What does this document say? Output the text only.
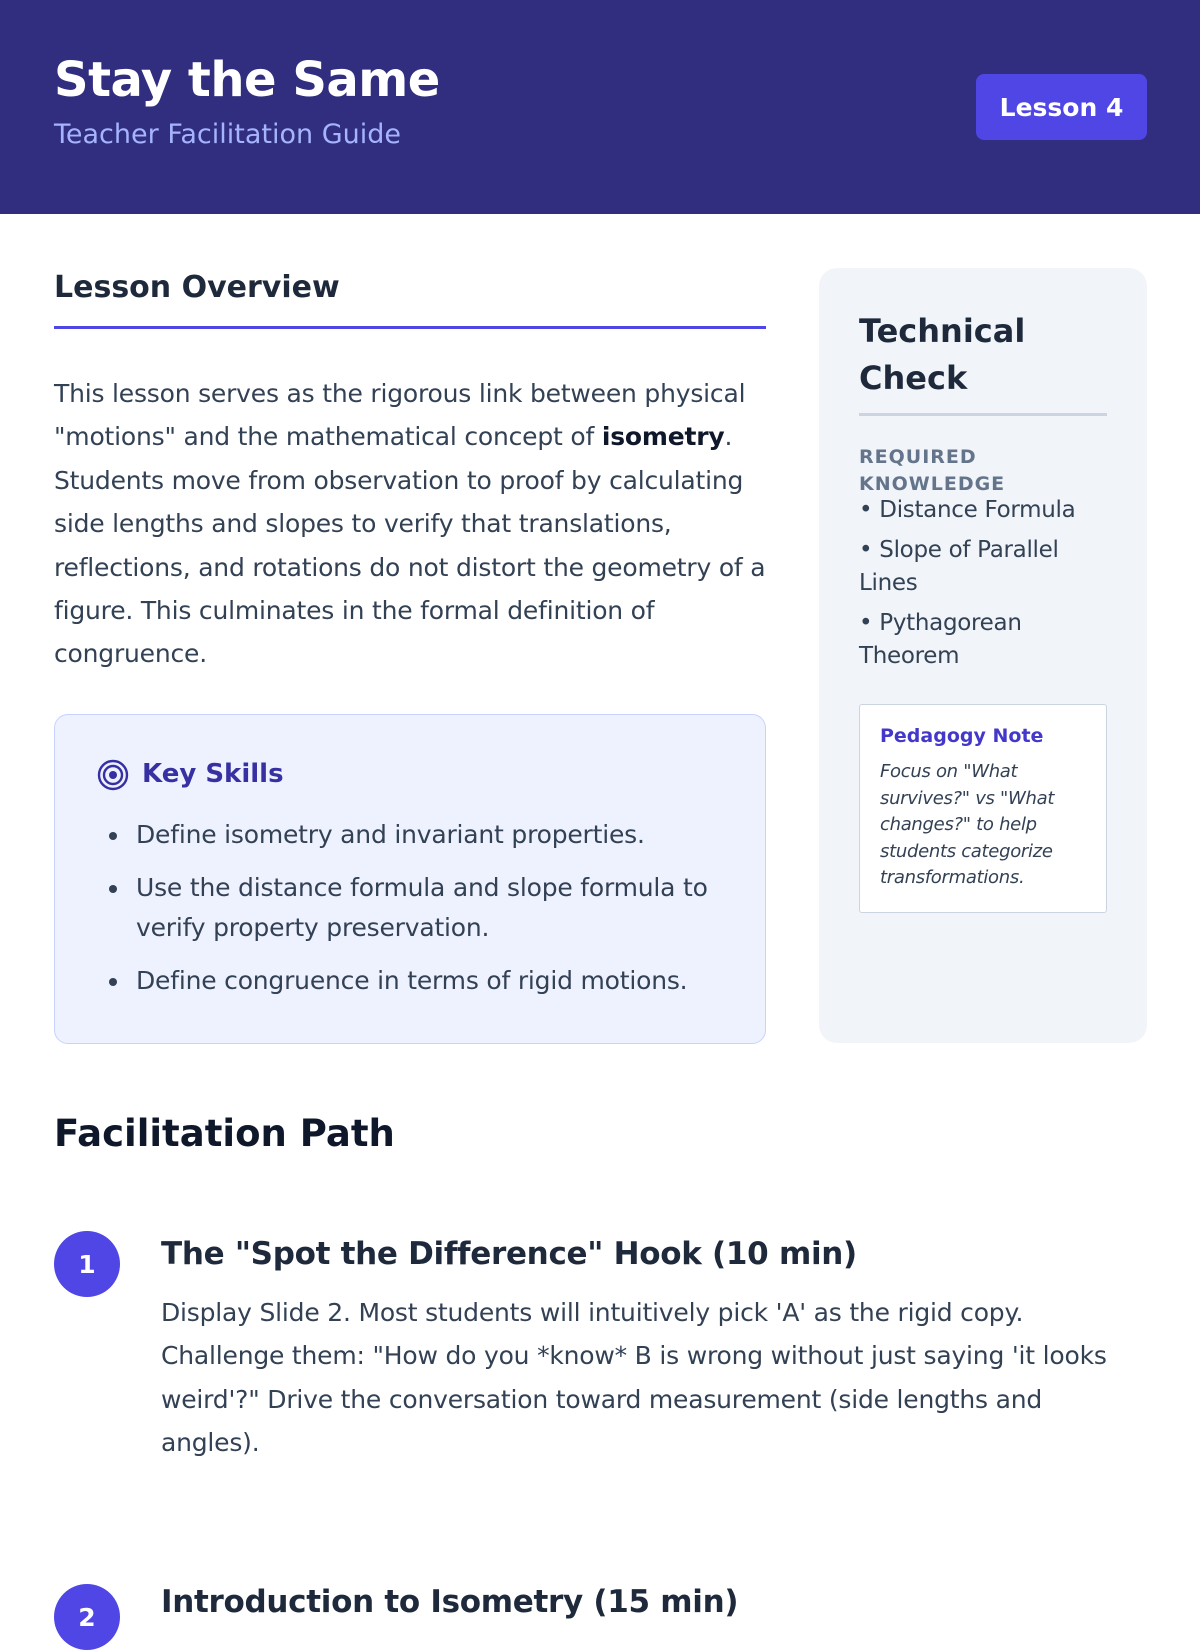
Stay the Same
Teacher Facilitation Guide
Lesson 4
Lesson Overview

This lesson serves as the rigorous link between physical "motions" and the mathematical concept of isometry. Students move from observation to proof by calculating side lengths and slopes to verify that translations, reflections, and rotations do not distort the geometry of a figure. This culminates in the formal definition of congruence.

Key Skills
Define isometry and invariant properties.
Use the distance formula and slope formula to verify property preservation.
Define congruence in terms of rigid motions.
Technical Check
REQUIRED KNOWLEDGE
• Distance Formula
• Slope of Parallel Lines
• Pythagorean Theorem
Pedagogy Note
Focus on "What survives?" vs "What changes?" to help students categorize transformations.
Facilitation Path
1	The "Spot the Difference" Hook (10 min)

Display Slide 2. Most students will intuitively pick 'A' as the rigid copy. Challenge them: "How do you *know* B is wrong without just saying 'it looks weird'?" Drive the conversation toward measurement (side lengths and angles).

2	Introduction to Isometry (15 min)
